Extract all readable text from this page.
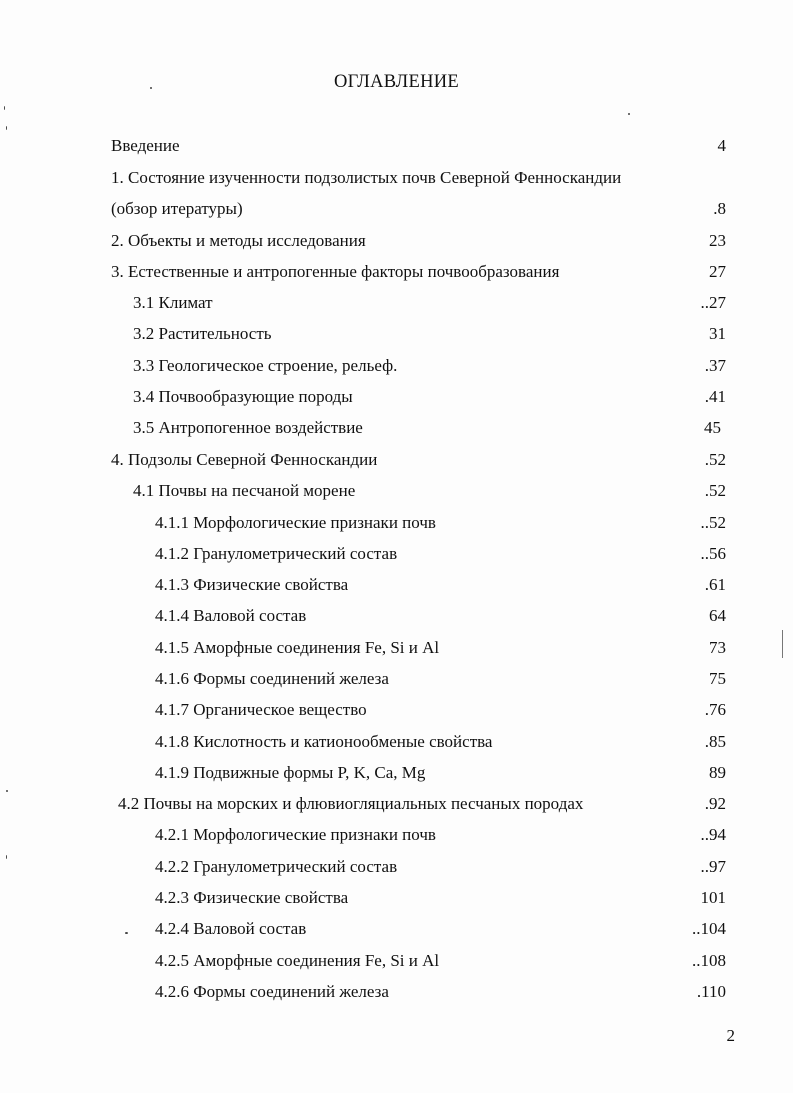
ОГЛАВЛЕНИЕ
Введение	4
1. Состояние изученности подзолистых почв Северной Фенноскандии
(обзор итературы)	.8
2. Объекты и методы исследования	23
3. Естественные и антропогенные факторы почвообразования	27
3.1 Климат	..27
3.2 Растительность	31
3.3 Геологическое строение, рельеф.	.37
3.4 Почвообразующие породы	.41
3.5 Антропогенное воздействие	45
4. Подзолы Северной Фенноскандии	.52
4.1 Почвы на песчаной морене	.52
4.1.1 Морфологические признаки почв	..52
4.1.2 Гранулометрический состав	..56
4.1.3 Физические свойства	.61
4.1.4 Валовой состав	64
4.1.5 Аморфные соединения Fe, Si и Al	73
4.1.6 Формы соединений железа	75
4.1.7 Органическое вещество	.76
4.1.8 Кислотность и катионообменые свойства	.85
4.1.9 Подвижные формы P, K, Ca, Mg	89
4.2 Почвы на морских и флювиогляциальных песчаных породах	.92
4.2.1 Морфологические признаки почв	..94
4.2.2 Гранулометрический состав	..97
4.2.3 Физические свойства	101
4.2.4 Валовой состав	..104
4.2.5 Аморфные соединения Fe, Si и Al	..108
4.2.6 Формы соединений железа	.110
2
